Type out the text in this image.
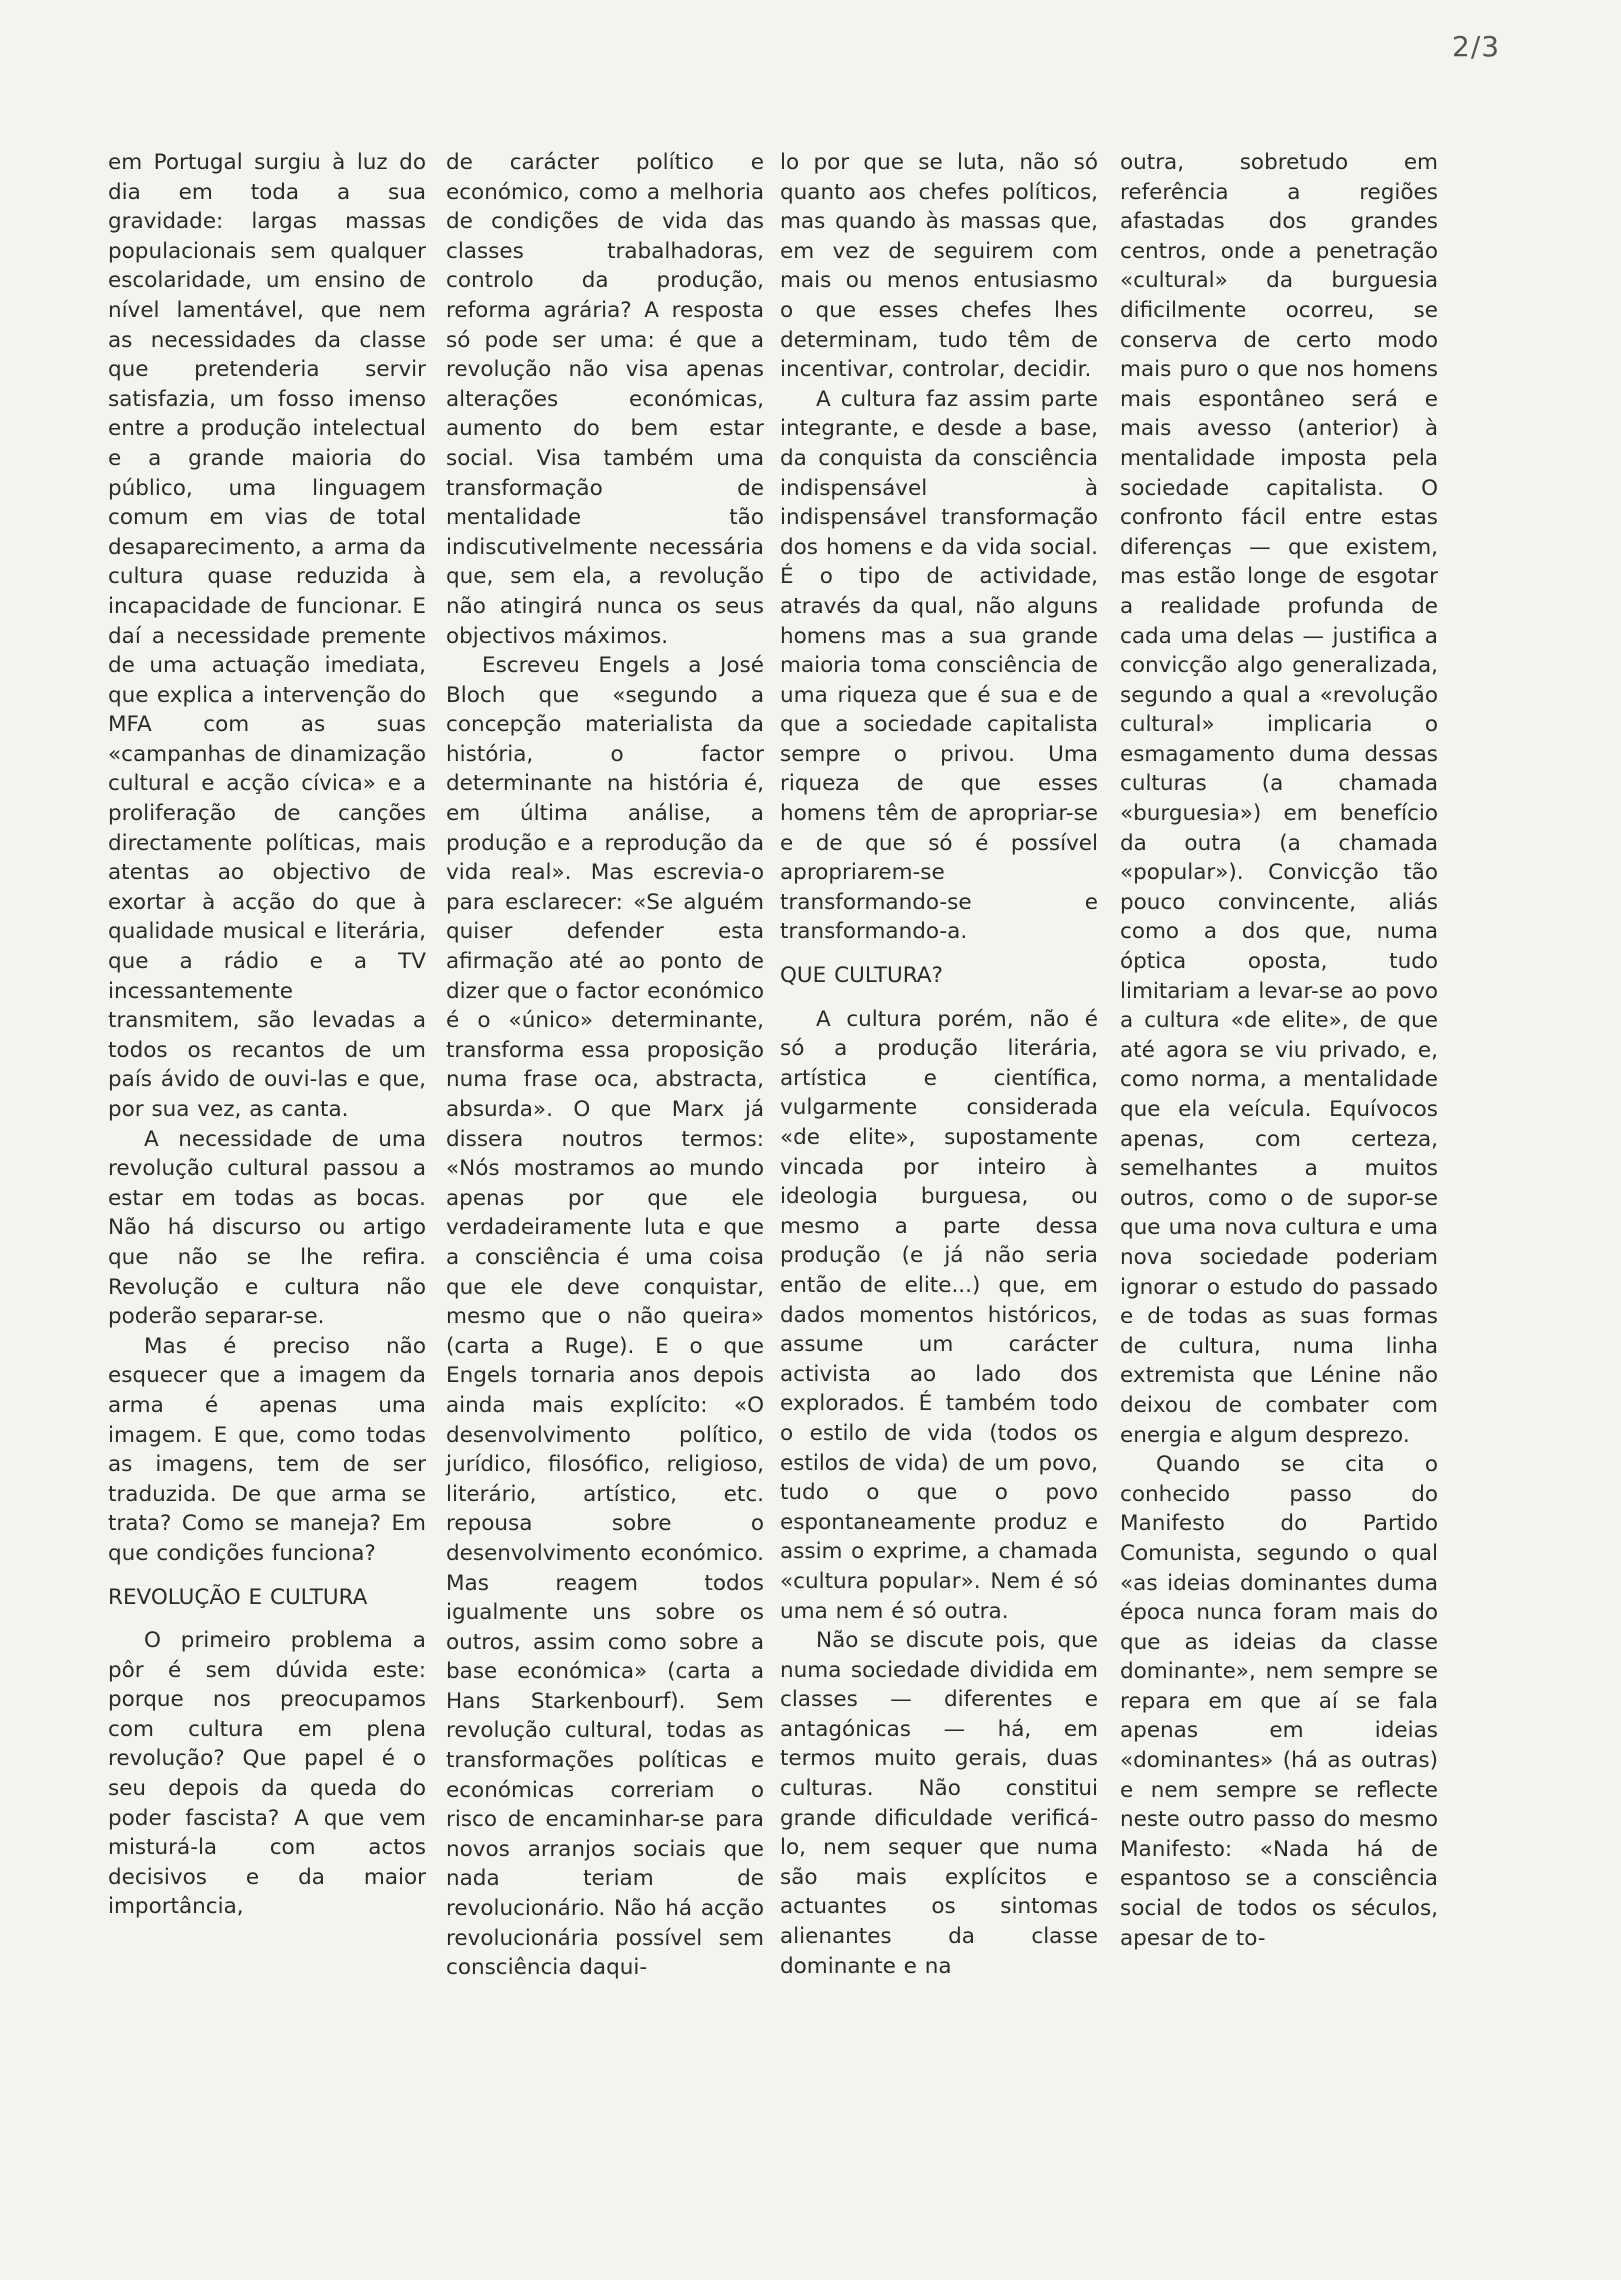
2/3

em Portugal surgiu à luz do dia em toda a sua gravidade: largas massas populacionais sem qualquer escolaridade, um ensino de nível lamentável, que nem as necessidades da classe que pretenderia servir satisfazia, um fosso imenso entre a produção intelectual e a grande maioria do público, uma linguagem comum em vias de total desaparecimento, a arma da cultura quase reduzida à incapacidade de funcionar. E daí a necessidade premente de uma actuação imediata, que explica a intervenção do MFA com as suas «campanhas de dinamização cultural e acção cívica» e a proliferação de canções directamente políticas, mais atentas ao objectivo de exortar à acção do que à qualidade musical e literária, que a rádio e a TV incessantemente transmitem, são levadas a todos os recantos de um país ávido de ouvi-las e que, por sua vez, as canta.

A necessidade de uma revolução cultural passou a estar em todas as bocas. Não há discurso ou artigo que não se lhe refira. Revolução e cultura não poderão separar-se.

Mas é preciso não esquecer que a imagem da arma é apenas uma imagem. E que, como todas as imagens, tem de ser traduzida. De que arma se trata? Como se maneja? Em que condições funciona?

REVOLUÇÃO E CULTURA

O primeiro problema a pôr é sem dúvida este: porque nos preocupamos com cultura em plena revolução? Que papel é o seu depois da queda do poder fascista? A que vem misturá-la com actos decisivos e da maior importância,

de carácter político e económico, como a melhoria de condições de vida das classes trabalhadoras, controlo da produção, reforma agrária? A resposta só pode ser uma: é que a revolução não visa apenas alterações económicas, aumento do bem estar social. Visa também uma transformação de mentalidade tão indiscutivelmente necessária que, sem ela, a revolução não atingirá nunca os seus objectivos máximos.

Escreveu Engels a José Bloch que «segundo a concepção materialista da história, o factor determinante na história é, em última análise, a produção e a reprodução da vida real». Mas escrevia-o para esclarecer: «Se alguém quiser defender esta afirmação até ao ponto de dizer que o factor económico é o «único» determinante, transforma essa proposição numa frase oca, abstracta, absurda». O que Marx já dissera noutros termos: «Nós mostramos ao mundo apenas por que ele verdadeiramente luta e que a consciência é uma coisa que ele deve conquistar, mesmo que o não queira» (carta a Ruge). E o que Engels tornaria anos depois ainda mais explícito: «O desenvolvimento político, jurídico, filosófico, religioso, literário, artístico, etc. repousa sobre o desenvolvimento económico. Mas reagem todos igualmente uns sobre os outros, assim como sobre a base económica» (carta a Hans Starkenbourf). Sem revolução cultural, todas as transformações políticas e económicas correriam o risco de encaminhar-se para novos arranjos sociais que nada teriam de revolucionário. Não há acção revolucionária possível sem consciência daqui-

lo por que se luta, não só quanto aos chefes políticos, mas quando às massas que, em vez de seguirem com mais ou menos entusiasmo o que esses chefes lhes determinam, tudo têm de incentivar, controlar, decidir.

A cultura faz assim parte integrante, e desde a base, da conquista da consciência indispensável à indispensável transformação dos homens e da vida social. É o tipo de actividade, através da qual, não alguns homens mas a sua grande maioria toma consciência de uma riqueza que é sua e de que a sociedade capitalista sempre o privou. Uma riqueza de que esses homens têm de apropriar-se e de que só é possível apropriarem-se transformando-se e transformando-a.

QUE CULTURA?

A cultura porém, não é só a produção literária, artística e científica, vulgarmente considerada «de elite», supostamente vincada por inteiro à ideologia burguesa, ou mesmo a parte dessa produção (e já não seria então de elite...) que, em dados momentos históricos, assume um carácter activista ao lado dos explorados. É também todo o estilo de vida (todos os estilos de vida) de um povo, tudo o que o povo espontaneamente produz e assim o exprime, a chamada «cultura popular». Nem é só uma nem é só outra.

Não se discute pois, que numa sociedade dividida em classes — diferentes e antagónicas — há, em termos muito gerais, duas culturas. Não constitui grande dificuldade verificá-lo, nem sequer que numa são mais explícitos e actuantes os sintomas alienantes da classe dominante e na

outra, sobretudo em referência a regiões afastadas dos grandes centros, onde a penetração «cultural» da burguesia dificilmente ocorreu, se conserva de certo modo mais puro o que nos homens mais espontâneo será e mais avesso (anterior) à mentalidade imposta pela sociedade capitalista. O confronto fácil entre estas diferenças — que existem, mas estão longe de esgotar a realidade profunda de cada uma delas — justifica a convicção algo generalizada, segundo a qual a «revolução cultural» implicaria o esmagamento duma dessas culturas (a chamada «burguesia») em benefício da outra (a chamada «popular»). Convicção tão pouco convincente, aliás como a dos que, numa óptica oposta, tudo limitariam a levar-se ao povo a cultura «de elite», de que até agora se viu privado, e, como norma, a mentalidade que ela veícula. Equívocos apenas, com certeza, semelhantes a muitos outros, como o de supor-se que uma nova cultura e uma nova sociedade poderiam ignorar o estudo do passado e de todas as suas formas de cultura, numa linha extremista que Lénine não deixou de combater com energia e algum desprezo.

Quando se cita o conhecido passo do Manifesto do Partido Comunista, segundo o qual «as ideias dominantes duma época nunca foram mais do que as ideias da classe dominante», nem sempre se repara em que aí se fala apenas em ideias «dominantes» (há as outras) e nem sempre se reflecte neste outro passo do mesmo Manifesto: «Nada há de espantoso se a consciência social de todos os séculos, apesar de to-
